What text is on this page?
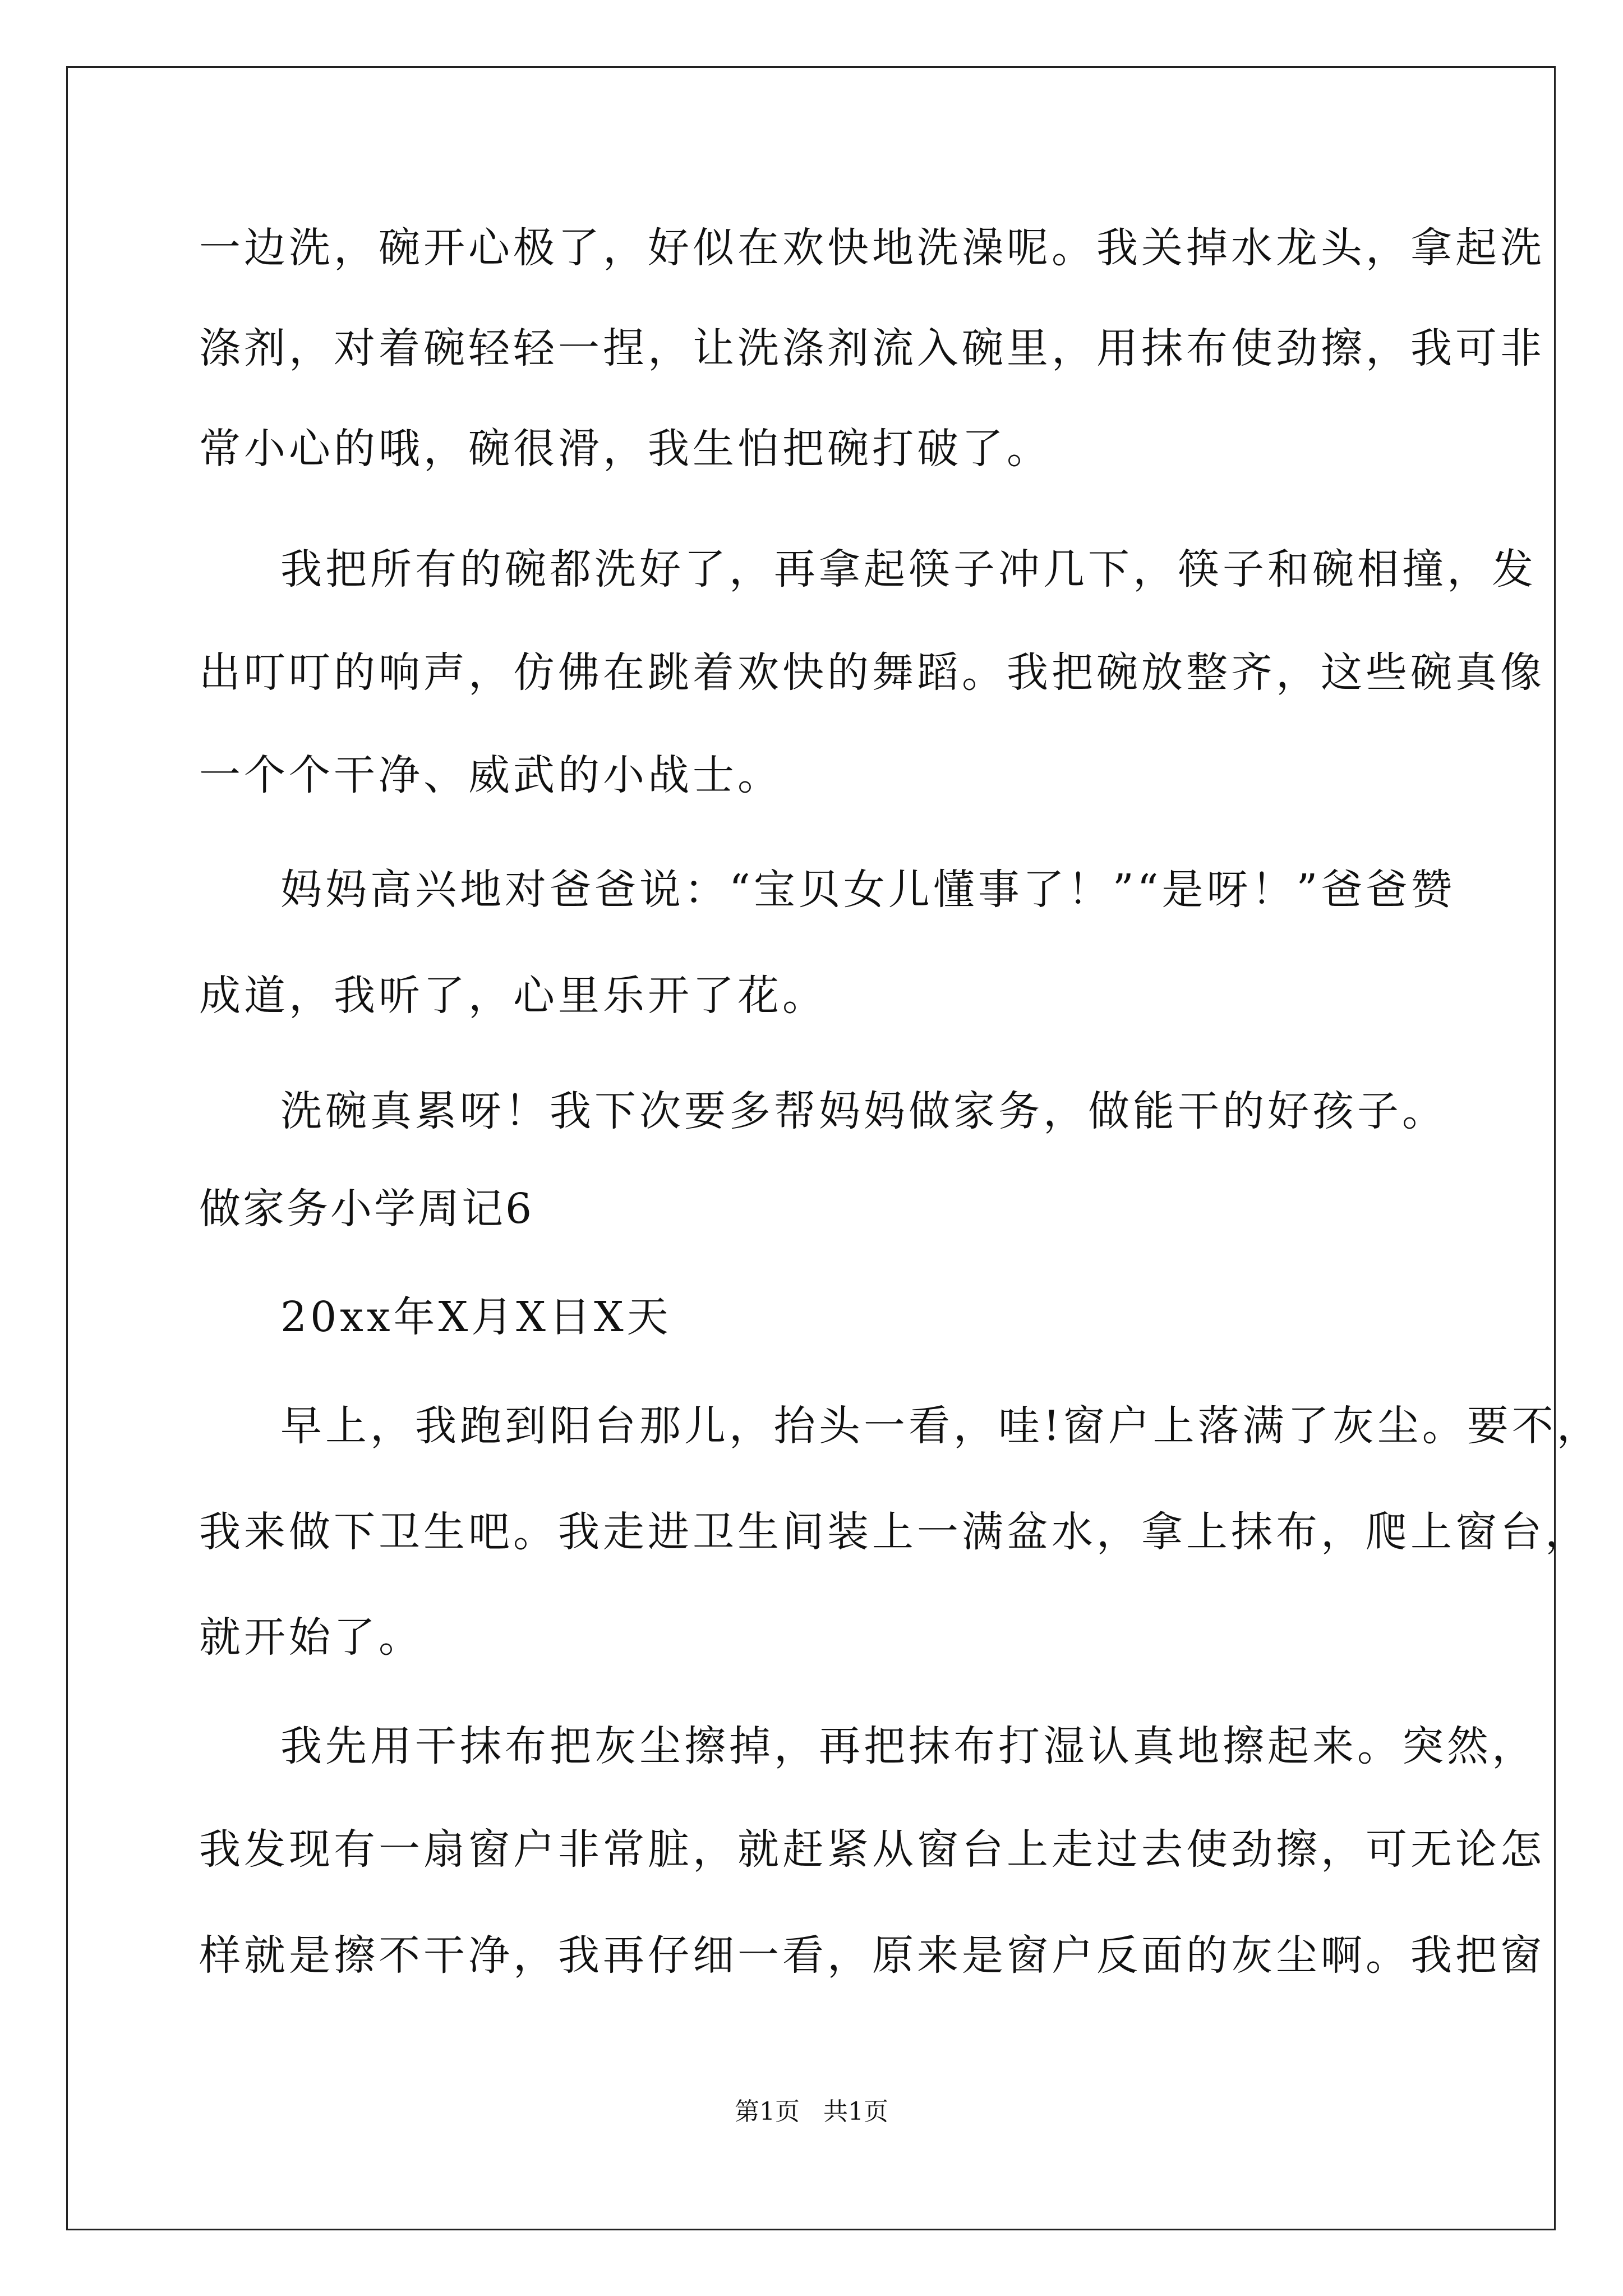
一边洗，碗开心极了，好似在欢快地洗澡呢。我关掉水龙头，拿起洗
涤剂，对着碗轻轻一捏，让洗涤剂流入碗里，用抹布使劲擦，我可非
常小心的哦，碗很滑，我生怕把碗打破了。
我把所有的碗都洗好了，再拿起筷子冲几下，筷子和碗相撞，发
出叮叮的响声，仿佛在跳着欢快的舞蹈。我把碗放整齐，这些碗真像
一个个干净、威武的小战士。
妈妈高兴地对爸爸说：“宝贝女儿懂事了！”“是呀！”爸爸赞
成道，我听了，心里乐开了花。
洗碗真累呀！我下次要多帮妈妈做家务，做能干的好孩子。
做家务小学周记6
20xx年X月X日X天
早上，我跑到阳台那儿，抬头一看，哇!窗户上落满了灰尘。要不，
我来做下卫生吧。我走进卫生间装上一满盆水，拿上抹布，爬上窗台，
就开始了。
我先用干抹布把灰尘擦掉，再把抹布打湿认真地擦起来。突然，
我发现有一扇窗户非常脏，就赶紧从窗台上走过去使劲擦，可无论怎
样就是擦不干净，我再仔细一看，原来是窗户反面的灰尘啊。我把窗
第1页 共1页
